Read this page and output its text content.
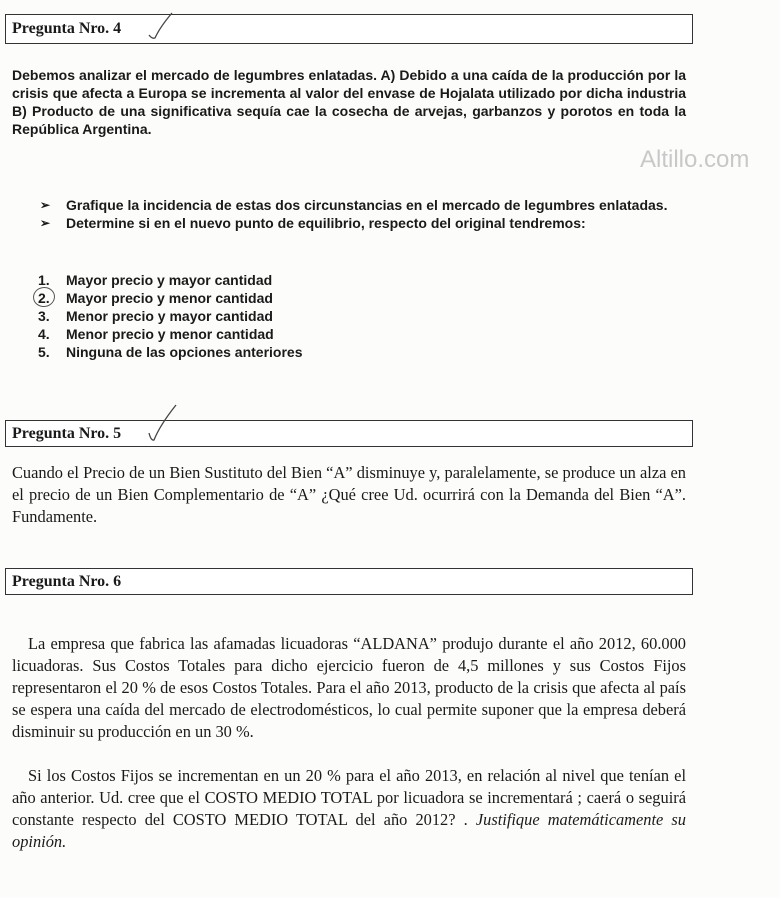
Pregunta Nro. 4
Debemos analizar el mercado de legumbres enlatadas. A) Debido a una caída de la producción por la crisis que afecta a Europa se incrementa al valor del envase de Hojalata utilizado por dicha industria B) Producto de una significativa sequía cae la cosecha de arvejas, garbanzos y porotos en toda la República Argentina.
Altillo.com
➢ Grafique la incidencia de estas dos circunstancias en el mercado de legumbres enlatadas.
➢ Determine si en el nuevo punto de equilibrio, respecto del original tendremos:
1.	Mayor precio y mayor cantidad
2.	Mayor precio y menor cantidad
3.	Menor precio y mayor cantidad
4.	Menor precio y menor cantidad
5.	Ninguna de las opciones anteriores
Pregunta Nro. 5
Cuando el Precio de un Bien Sustituto del Bien “A” disminuye y, paralelamente, se produce un alza en el precio de un Bien Complementario de “A” ¿Qué cree Ud. ocurrirá con la Demanda del Bien “A”. Fundamente.
Pregunta Nro. 6

La empresa que fabrica las afamadas licuadoras “ALDANA” produjo durante el año 2012, 60.000 licuadoras. Sus Costos Totales para dicho ejercicio fueron de 4,5 millones y sus Costos Fijos representaron el 20 % de esos Costos Totales. Para el año 2013, producto de la crisis que afecta al país se espera una caída del mercado de electrodomésticos, lo cual permite suponer que la empresa deberá disminuir su producción en un 30 %.

Si los Costos Fijos se incrementan en un 20 % para el año 2013, en relación al nivel que tenían el año anterior. Ud. cree que el COSTO MEDIO TOTAL por licuadora se incrementará ; caerá o seguirá constante respecto del COSTO MEDIO TOTAL del año 2012? . Justifique matemáticamente su opinión.
